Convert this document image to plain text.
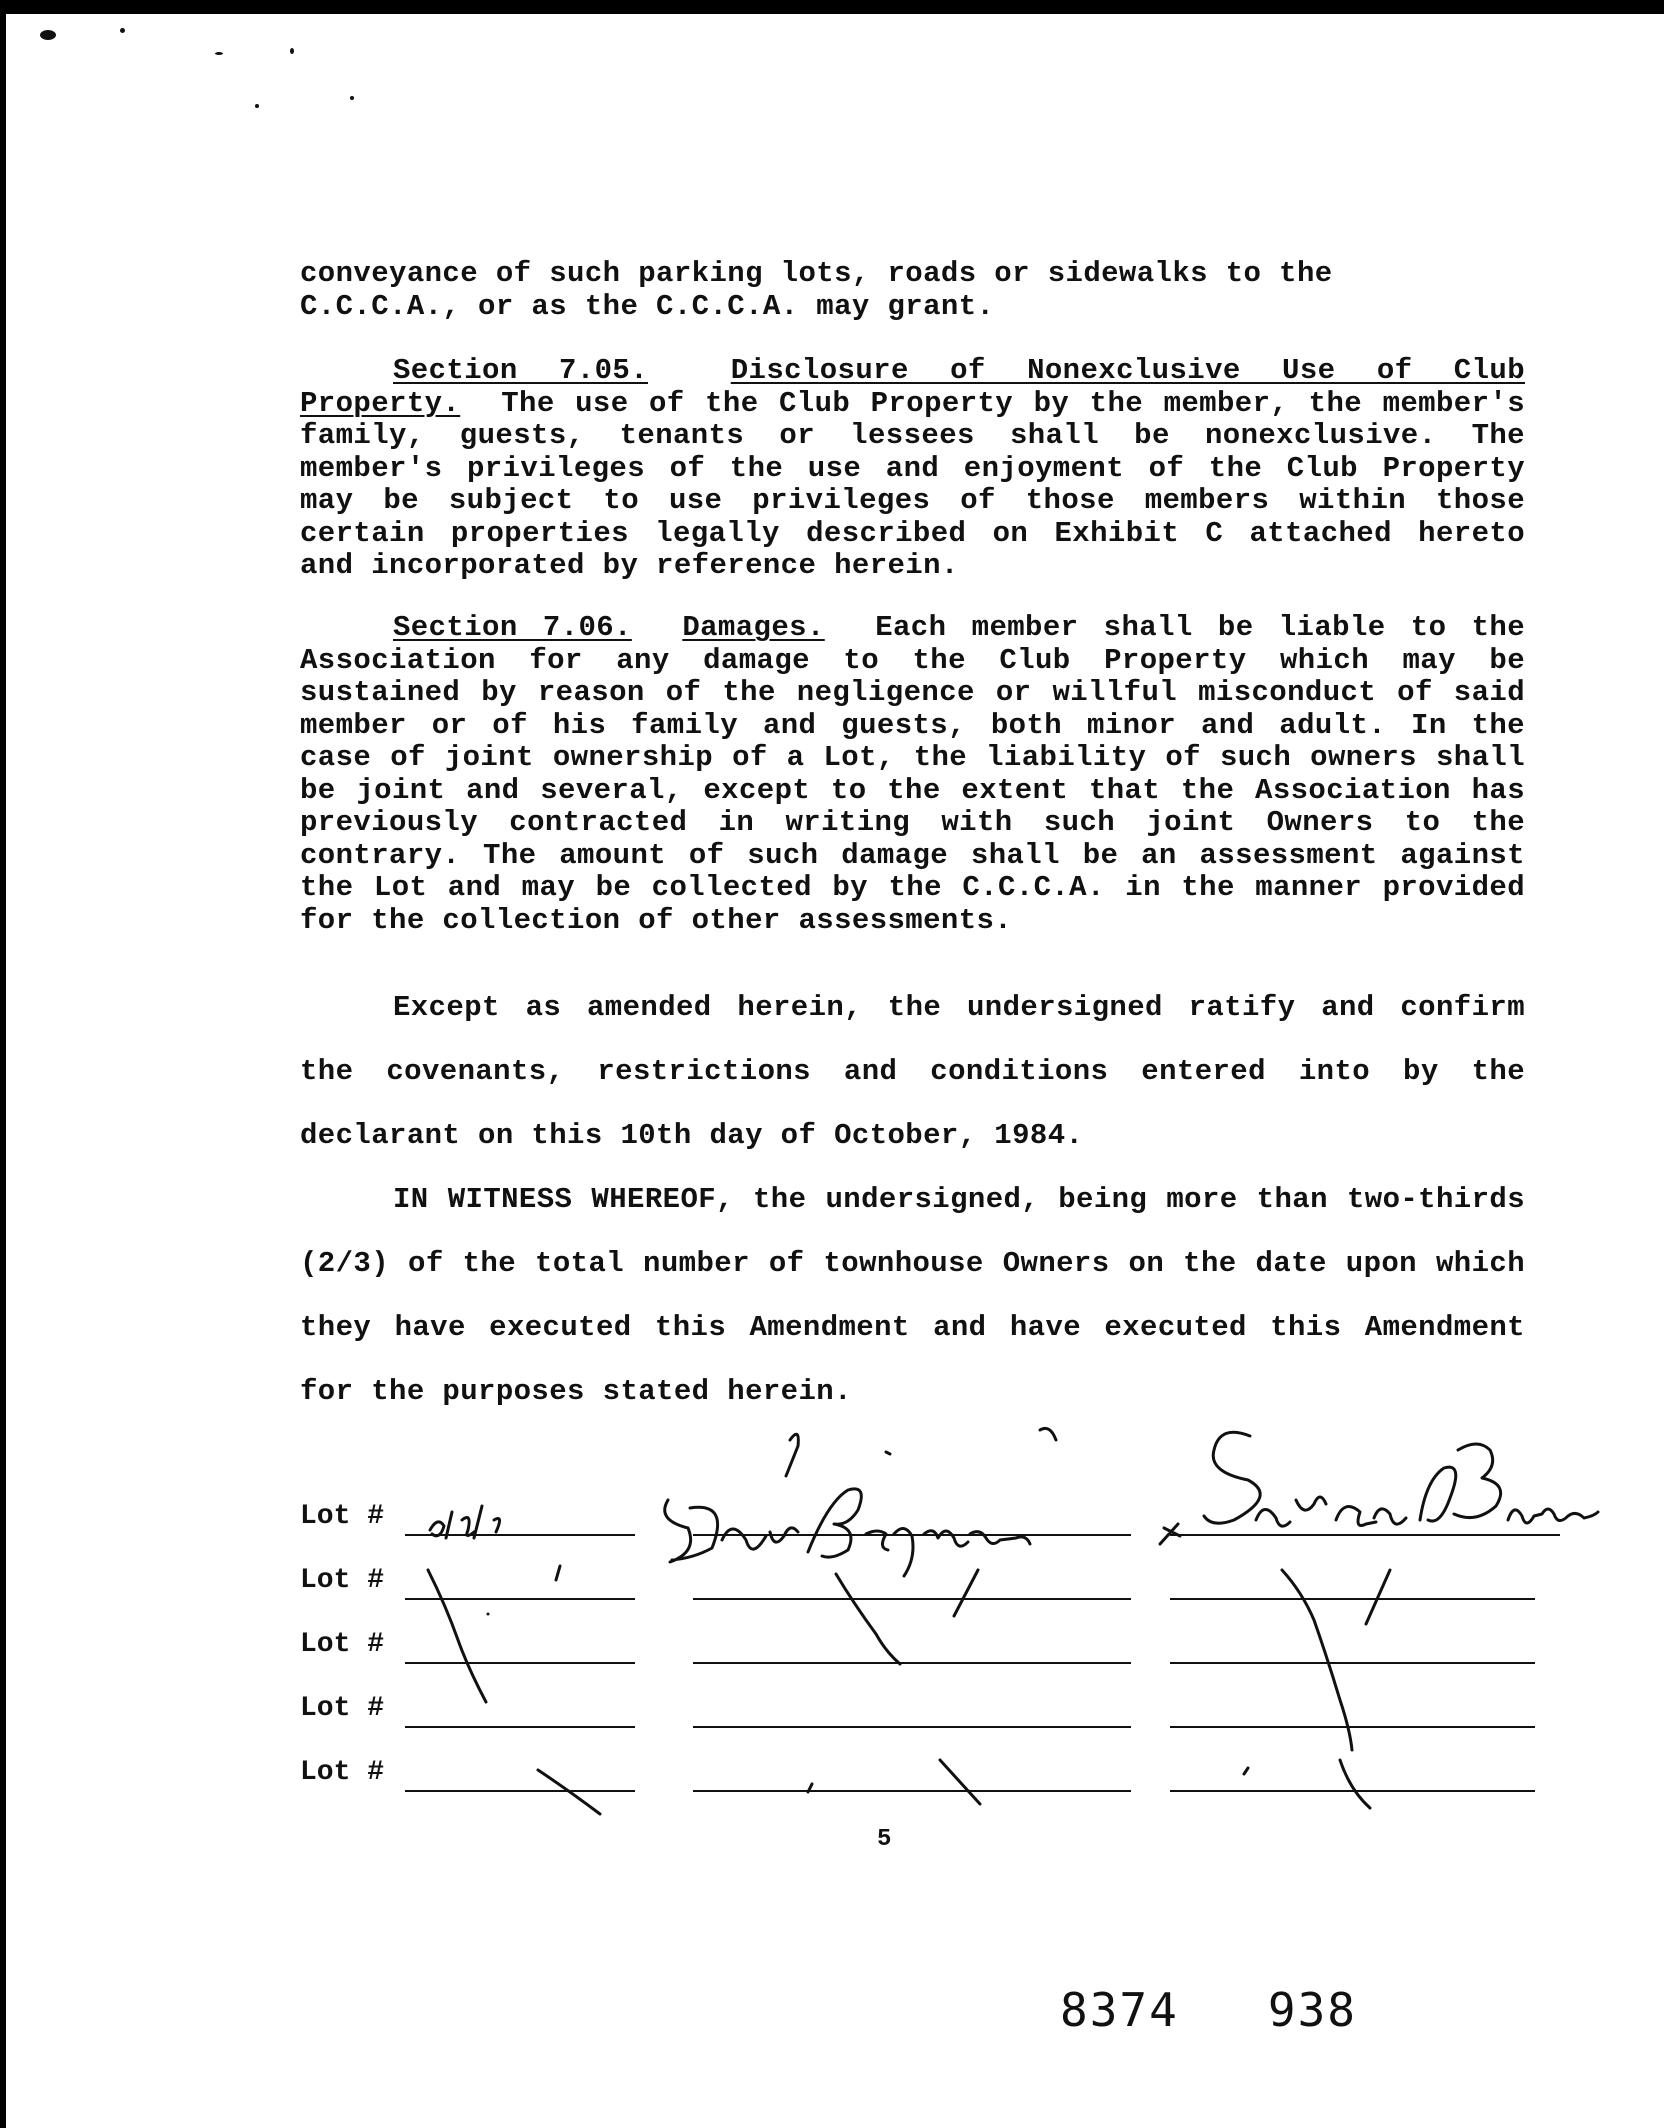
conveyance of such parking lots, roads or sidewalks to the

C.C.C.A., or as the C.C.C.A. may grant.

Section 7.05.	Disclosure of Nonexclusive Use of Club Property. The use of the Club Property by the member, the member's family, guests, tenants or lessees shall be nonexclusive. The member's privileges of the use and enjoyment of the Club Property may be subject to use privileges of those members within those certain properties legally described on Exhibit C attached hereto and incorporated by reference herein.

Section 7.06. Damages. Each member shall be liable to the Association for any damage to the Club Property which may be sustained by reason of the negligence or willful misconduct of said member or of his family and guests, both minor and adult. In the case of joint ownership of a Lot, the liability of such owners shall be joint and several, except to the extent that the Association has previously contracted in writing with such joint Owners to the contrary. The amount of such damage shall be an assessment against the Lot and may be collected by the C.C.C.A. in the manner provided for the collection of other assessments.

Except as amended herein, the undersigned ratify and confirm the covenants, restrictions and conditions entered into by the declarant on this 10th day of October, 1984.

IN WITNESS WHEREOF, the undersigned, being more than two-thirds (2/3) of the total number of townhouse Owners on the date upon which they have executed this Amendment and have executed this Amendment for the purposes stated herein.

Lot #
Lot #
Lot #
Lot #
Lot #
5
8374 938
